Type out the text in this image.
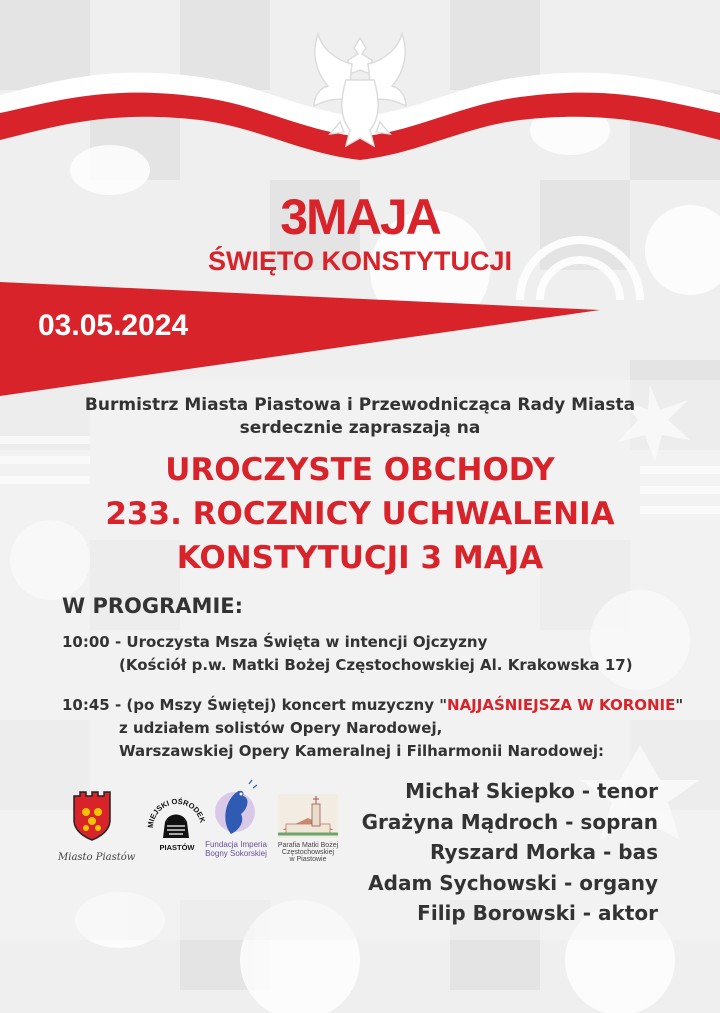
3MAJA
ŚWIĘTO KONSTYTUCJI
03.05.2024
Burmistrz Miasta Piastowa i Przewodnicząca Rady Miasta
serdecznie zapraszają na
UROCZYSTE OBCHODY
233. ROCZNICY UCHWALENIA
KONSTYTUCJI 3 MAJA
W PROGRAMIE:
10:00 - Uroczysta Msza Święta w intencji Ojczyzny
(Kościół p.w. Matki Bożej Częstochowskiej Al. Krakowska 17)
10:45 - (po Mszy Świętej) koncert muzyczny "NAJJAŚNIEJSZA W KORONIE"
z udziałem solistów Opery Narodowej,
Warszawskiej Opery Kameralnej i Filharmonii Narodowej:
Michał Skiepko - tenor
Grażyna Mądroch - sopran
Ryszard Morka - bas
Adam Sychowski - organy
Filip Borowski - aktor
Miasto Piastów
MIEJSKI OŚRODE
PIASTÓW Fundacja Imperia
Bogny Sokorskiej
Parafia Matki Bożej
Częstochowskiej
w Piastowie
